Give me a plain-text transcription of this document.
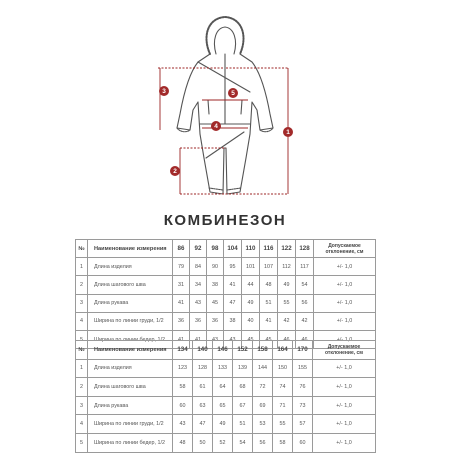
1
2
3
4
5
КОМБИНЕЗОН
№	Наименование измерения	86	92	98	104	110	116	122	128	Допускаемое отклонение, см
1	Длина изделия	79	84	90	95	101	107	112	117	+/- 1,0
2	Длина шагового шва	31	34	38	41	44	48	49	54	+/- 1,0
3	Длина рукава	41	43	45	47	49	51	55	56	+/- 1,0
4	Ширина по линии груди, 1/2	36	36	36	38	40	41	42	42	+/- 1,0
5	Ширина по линии бедер, 1/2	41	41	43	43	45	45	46	46	+/- 1,0
№	Наименование измерения	134	140	146	152	158	164	170	Допускаемое отклонение, см
1	Длина изделия	123	128	133	139	144	150	155	+/- 1,0
2	Длина шагового шва	58	61	64	68	72	74	76	+/- 1,0
3	Длина рукава	60	63	65	67	69	71	73	+/- 1,0
4	Ширина по линии груди, 1/2	43	47	49	51	53	55	57	+/- 1,0
5	Ширина по линии бедер, 1/2	48	50	52	54	56	58	60	+/- 1,0
